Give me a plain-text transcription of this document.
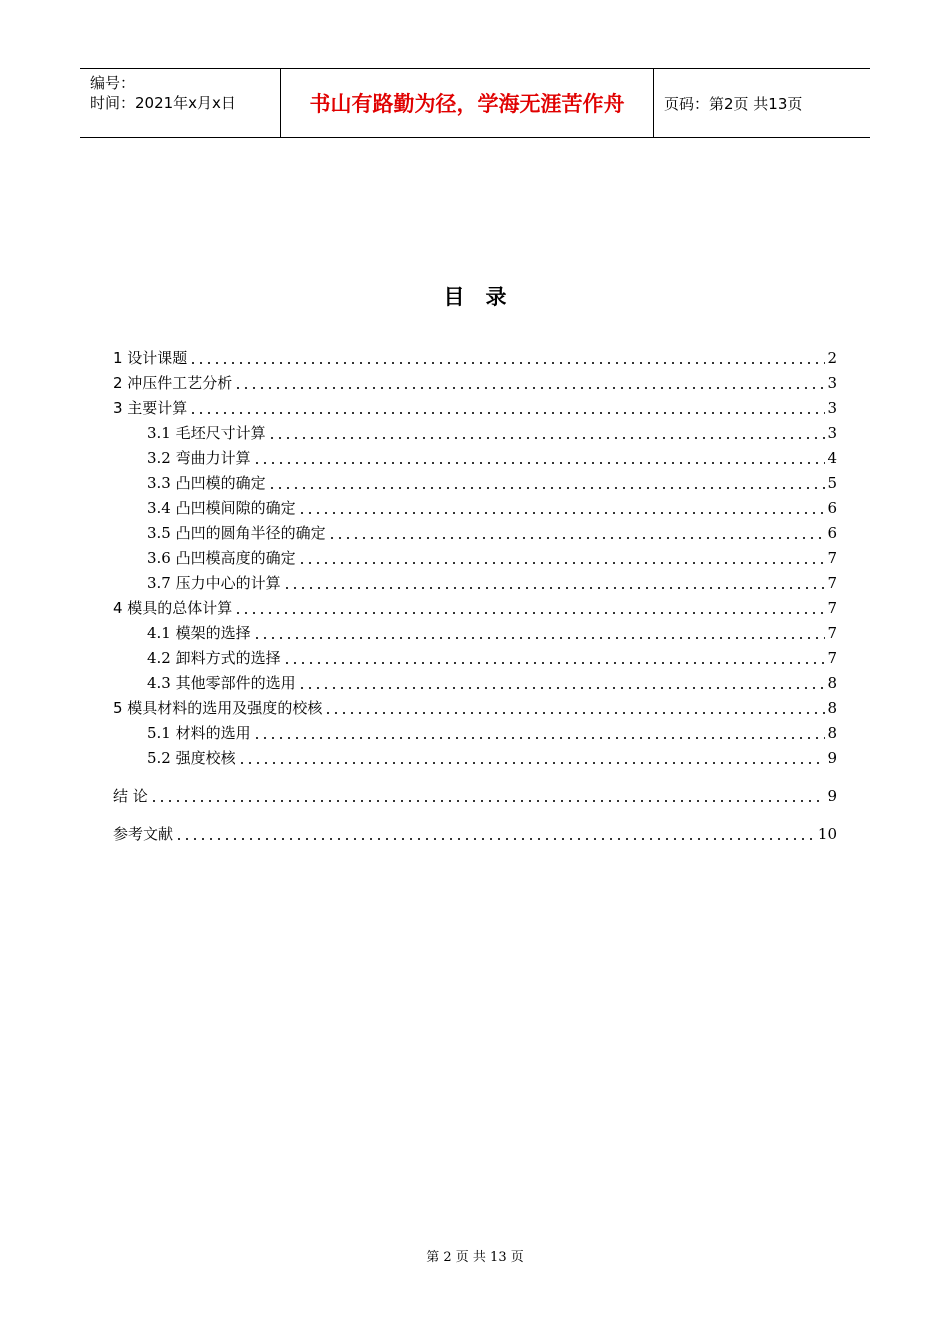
编号：
时间：2021年x月x日	书山有路勤为径，学海无涯苦作舟	页码：第2页 共13页
目　录
1 设计课题	2
2 冲压件工艺分析	3
3 主要计算	3
3.1 毛坯尺寸计算	3
3.2 弯曲力计算	4
3.3 凸凹模的确定	5
3.4 凸凹模间隙的确定	6
3.5 凸凹的圆角半径的确定	6
3.6 凸凹模高度的确定	7
3.7 压力中心的计算	7
4 模具的总体计算	7
4.1 模架的选择	7
4.2 卸料方式的选择	7
4.3 其他零部件的选用	8
5 模具材料的选用及强度的校核	8
5.1 材料的选用	8
5.2 强度校核	9
结 论	9
参考文献	10
第 2 页 共 13 页
